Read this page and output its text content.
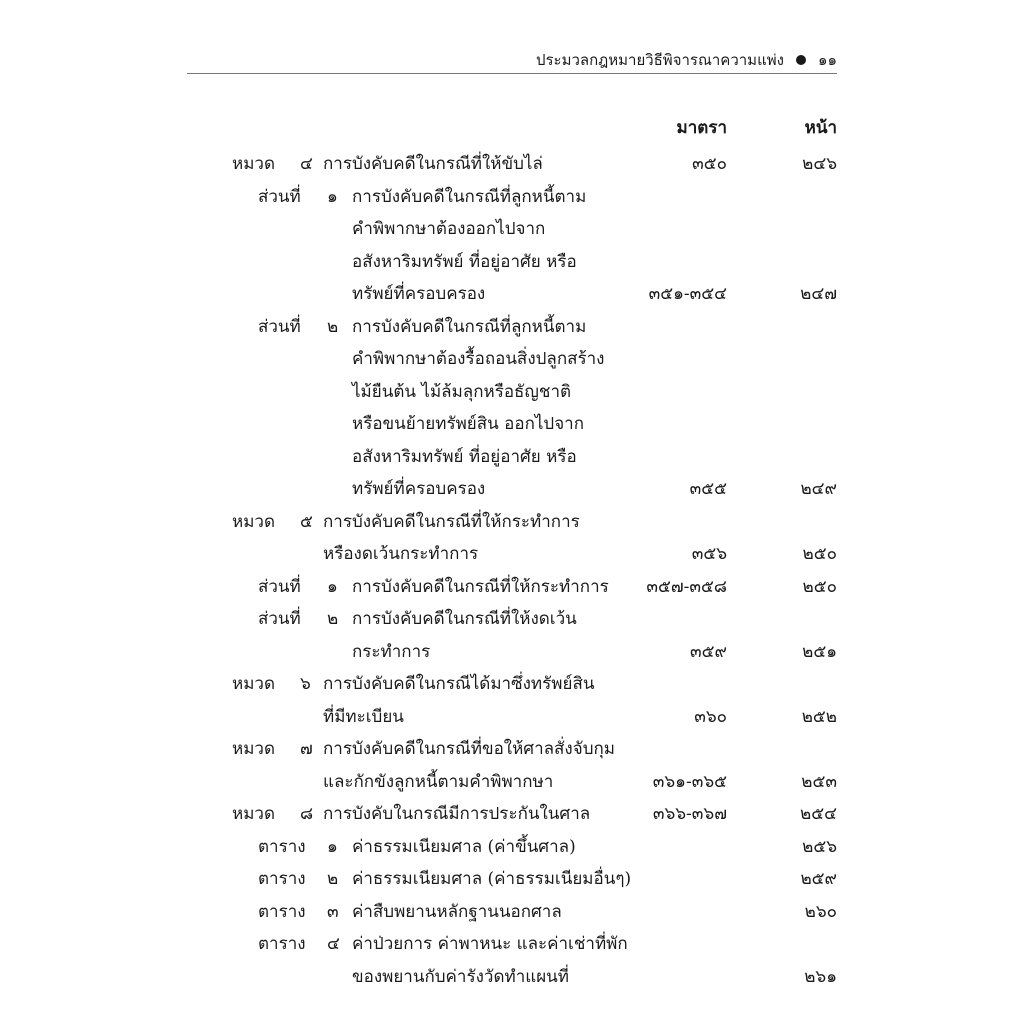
ประมวลกฎหมายวิธีพิจารณาความแพ่ง ๑๑
มาตรา	หน้า
หมวด ๔ การบังคับคดีในกรณีที่ให้ขับไล่	๓๕๐	๒๔๖
ส่วนที่ ๑ การบังคับคดีในกรณีที่ลูกหนี้ตาม
คำพิพากษาต้องออกไปจาก
อสังหาริมทรัพย์ ที่อยู่อาศัย หรือ
ทรัพย์ที่ครอบครอง	๓๕๑-๓๕๔	๒๔๗
ส่วนที่ ๒ การบังคับคดีในกรณีที่ลูกหนี้ตาม
คำพิพากษาต้องรื้อถอนสิ่งปลูกสร้าง
ไม้ยืนต้น ไม้ล้มลุกหรือธัญชาติ
หรือขนย้ายทรัพย์สิน ออกไปจาก
อสังหาริมทรัพย์ ที่อยู่อาศัย หรือ
ทรัพย์ที่ครอบครอง	๓๕๕	๒๔๙
หมวด ๕ การบังคับคดีในกรณีที่ให้กระทำการ
หรืองดเว้นกระทำการ	๓๕๖	๒๕๐
ส่วนที่ ๑ การบังคับคดีในกรณีที่ให้กระทำการ ๓๕๗-๓๕๘	๒๕๐
ส่วนที่ ๒ การบังคับคดีในกรณีที่ให้งดเว้น
กระทำการ	๓๕๙	๒๕๑
หมวด ๖ การบังคับคดีในกรณีได้มาซึ่งทรัพย์สิน
ที่มีทะเบียน	๓๖๐	๒๕๒
หมวด ๗ การบังคับคดีในกรณีที่ขอให้ศาลสั่งจับกุม
และกักขังลูกหนี้ตามคำพิพากษา	๓๖๑-๓๖๕	๒๕๓
หมวด ๘ การบังคับในกรณีมีการประกันในศาล	๓๖๖-๓๖๗	๒๕๔
ตาราง ๑ ค่าธรรมเนียมศาล (ค่าขึ้นศาล)	๒๕๖
ตาราง ๒ ค่าธรรมเนียมศาล (ค่าธรรมเนียมอื่นๆ)	๒๕๙
ตาราง ๓ ค่าสืบพยานหลักฐานนอกศาล	๒๖๐
ตาราง ๔ ค่าป่วยการ ค่าพาหนะ และค่าเช่าที่พัก
ของพยานกับค่ารังวัดทำแผนที่	๒๖๑
